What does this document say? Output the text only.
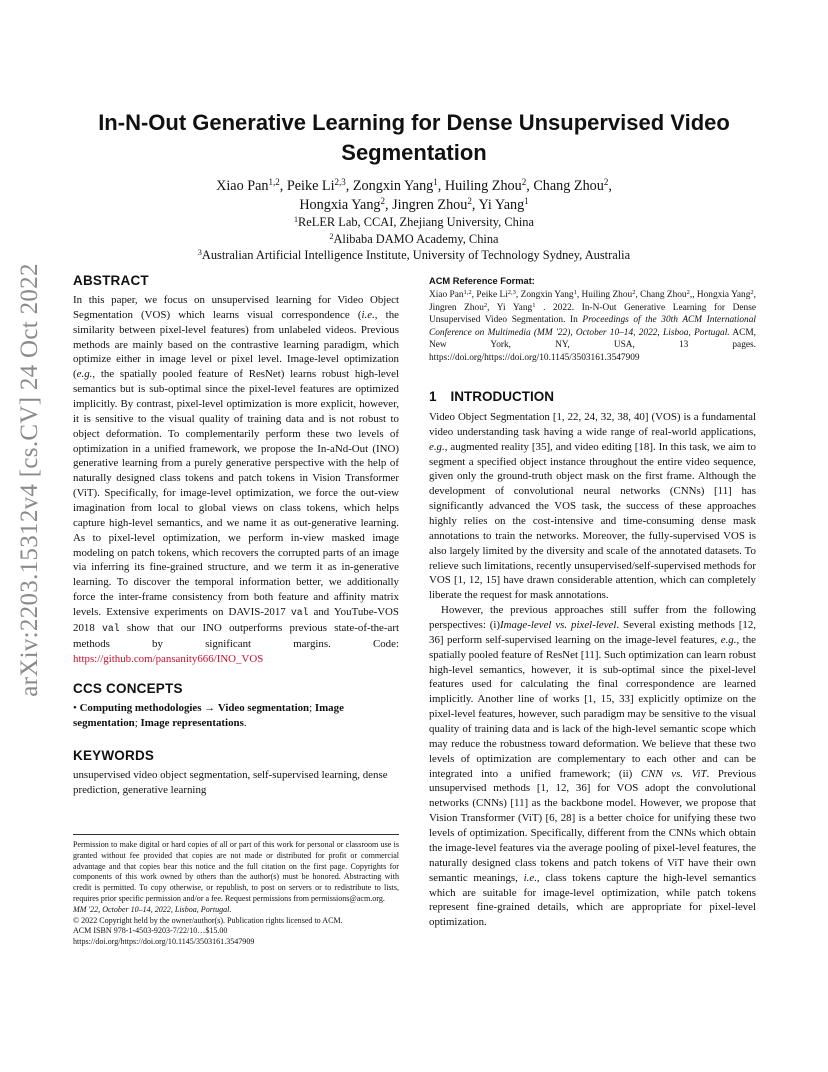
arXiv:2203.15312v4 [cs.CV] 24 Oct 2022
In-N-Out Generative Learning for Dense Unsupervised Video Segmentation
Xiao Pan$^{1,2}$, Peike Li$^{2,3}$, Zongxin Yang$^1$, Huiling Zhou$^2$, Chang Zhou$^2$,
Hongxia Yang$^2$, Jingren Zhou$^2$, Yi Yang$^1$
$^1$ReLER Lab, CCAI, Zhejiang University, China
$^2$Alibaba DAMO Academy, China
$^3$Australian Artificial Intelligence Institute, University of Technology Sydney, Australia
ABSTRACT

In this paper, we focus on unsupervised learning for Video Object Segmentation (VOS) which learns visual correspondence (i.e., the similarity between pixel-level features) from unlabeled videos. Previous methods are mainly based on the contrastive learning paradigm, which optimize either in image level or pixel level. Image-level optimization (e.g., the spatially pooled feature of ResNet) learns robust high-level semantics but is sub-optimal since the pixel-level features are optimized implicitly. By contrast, pixel-level optimization is more explicit, however, it is sensitive to the visual quality of training data and is not robust to object deformation. To complementarily perform these two levels of optimization in a unified framework, we propose the In-aNd-Out (INO) generative learning from a purely generative perspective with the help of naturally designed class tokens and patch tokens in Vision Transformer (ViT). Specifically, for image-level optimization, we force the out-view imagination from local to global views on class tokens, which helps capture high-level semantics, and we name it as out-generative learning. As to pixel-level optimization, we perform in-view masked image modeling on patch tokens, which recovers the corrupted parts of an image via inferring its fine-grained structure, and we term it as in-generative learning. To discover the temporal information better, we additionally force the inter-frame consistency from both feature and affinity matrix levels. Extensive experiments on DAVIS-2017 val and YouTube-VOS 2018 val show that our INO outperforms previous state-of-the-art methods by significant margins. Code: https://github.com/pansanity666/INO_VOS

CCS CONCEPTS

• Computing methodologies → Video segmentation; Image segmentation; Image representations.

KEYWORDS

unsupervised video object segmentation, self-supervised learning, dense prediction, generative learning

Permission to make digital or hard copies of all or part of this work for personal or classroom use is granted without fee provided that copies are not made or distributed for profit or commercial advantage and that copies bear this notice and the full citation on the first page. Copyrights for components of this work owned by others than the author(s) must be honored. Abstracting with credit is permitted. To copy otherwise, or republish, to post on servers or to redistribute to lists, requires prior specific permission and/or a fee. Request permissions from permissions@acm.org.

MM '22, October 10–14, 2022, Lisboa, Portugal.

© 2022 Copyright held by the owner/author(s). Publication rights licensed to ACM.

ACM ISBN 978-1-4503-9203-7/22/10…$15.00

https://doi.org/https://doi.org/10.1145/3503161.3547909

ACM Reference Format:

Xiao Pan$^{1,2}$, Peike Li$^{2,3}$, Zongxin Yang$^1$, Huiling Zhou$^2$, Chang Zhou$^2$,, Hongxia Yang$^2$, Jingren Zhou$^2$, Yi Yang$^1$ . 2022. In-N-Out Generative Learning for Dense Unsupervised Video Segmentation. In Proceedings of the 30th ACM International Conference on Multimedia (MM '22), October 10–14, 2022, Lisboa, Portugal. ACM, New York, NY, USA, 13 pages. https://doi.org/https://doi.org/10.1145/3503161.3547909

1 INTRODUCTION

Video Object Segmentation [1, 22, 24, 32, 38, 40] (VOS) is a fundamental video understanding task having a wide range of real-world applications, e.g., augmented reality [35], and video editing [18]. In this task, we aim to segment a specified object instance throughout the entire video sequence, given only the ground-truth object mask on the first frame. Although the development of convolutional neural networks (CNNs) [11] has significantly advanced the VOS task, the success of these approaches highly relies on the cost-intensive and time-consuming dense mask annotations to train the networks. Moreover, the fully-supervised VOS is also largely limited by the diversity and scale of the annotated datasets. To relieve such limitations, recently unsupervised/self-supervised methods for VOS [1, 12, 15] have drawn considerable attention, which can completely liberate the request for mask annotations.

However, the previous approaches still suffer from the following perspectives: (i)Image-level vs. pixel-level. Several existing methods [12, 36] perform self-supervised learning on the image-level features, e.g., the spatially pooled feature of ResNet [11]. Such optimization can learn robust high-level semantics, however, it is sub-optimal since the pixel-level features used for calculating the final correspondence are learned implicitly. Another line of works [1, 15, 33] explicitly optimize on the pixel-level features, however, such paradigm may be sensitive to the visual quality of training data and is lack of the high-level semantic scope which may reduce the robustness toward deformation. We believe that these two levels of optimization are complementary to each other and can be integrated into a unified framework; (ii) CNN vs. ViT. Previous unsupervised methods [1, 12, 36] for VOS adopt the convolutional networks (CNNs) [11] as the backbone model. However, we propose that Vision Transformer (ViT) [6, 28] is a better choice for unifying these two levels of optimization. Specifically, different from the CNNs which obtain the image-level features via the average pooling of pixel-level features, the naturally designed class tokens and patch tokens of ViT have their own semantic meanings, i.e., class tokens capture the high-level semantics which are suitable for image-level optimization, while patch tokens represent fine-grained details, which are appropriate for pixel-level optimization.
